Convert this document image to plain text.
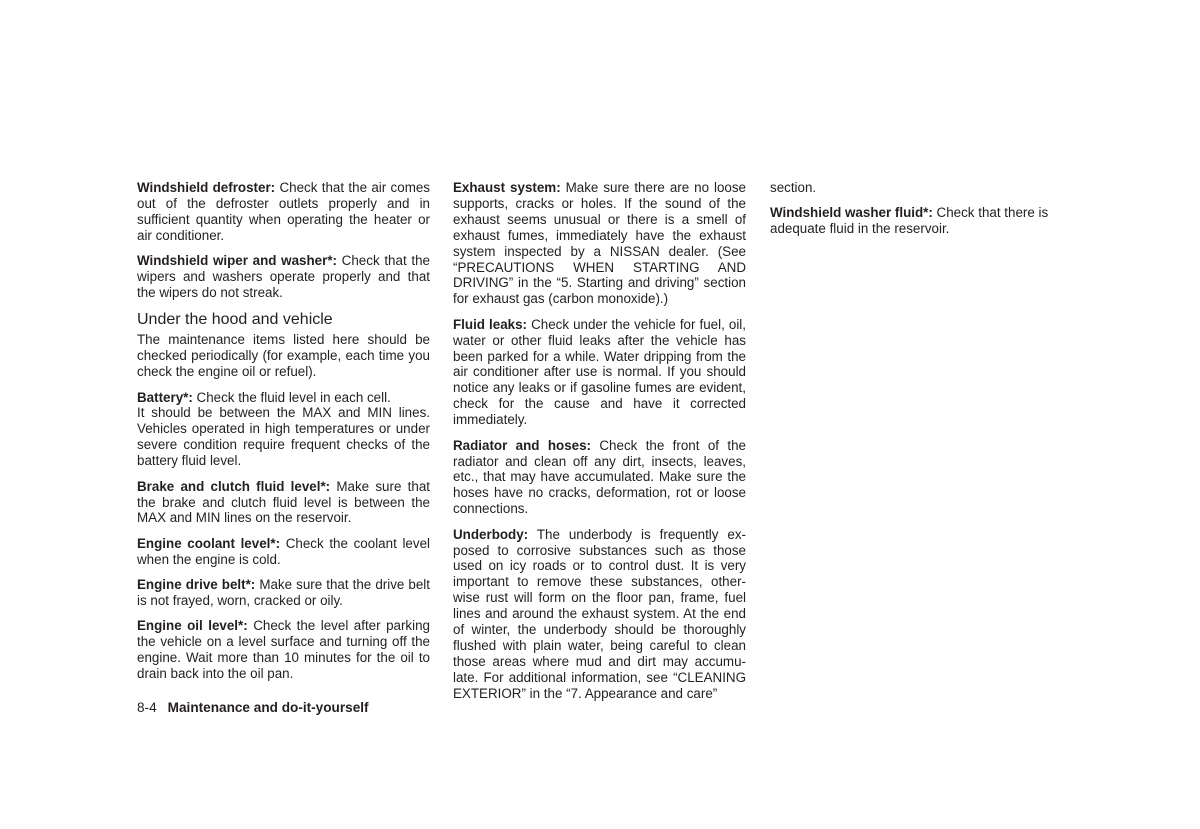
Windshield defroster: Check that the air comes out of the defroster outlets properly and in sufficient quantity when operating the heater or air conditioner.

Windshield wiper and washer*: Check that the wipers and washers operate properly and that the wipers do not streak.

Under the hood and vehicle

The maintenance items listed here should be checked periodically (for example, each time you check the engine oil or refuel).

Battery*: Check the fluid level in each cell.
It should be between the MAX and MIN lines. Vehicles operated in high temperatures or under severe condition require frequent checks of the battery fluid level.

Brake and clutch fluid level*: Make sure that the brake and clutch fluid level is between the MAX and MIN lines on the reservoir.

Engine coolant level*: Check the coolant level when the engine is cold.

Engine drive belt*: Make sure that the drive belt is not frayed, worn, cracked or oily.

Engine oil level*: Check the level after parking the vehicle on a level surface and turning off the engine. Wait more than 10 minutes for the oil to drain back into the oil pan.

Exhaust system: Make sure there are no loose supports, cracks or holes. If the sound of the exhaust seems unusual or there is a smell of exhaust fumes, immediately have the exhaust system inspected by a NISSAN dealer. (See “PRECAUTIONS WHEN STARTING AND DRIVING” in the “5. Starting and driving” section for exhaust gas (carbon monoxide).)

Fluid leaks: Check under the vehicle for fuel, oil, water or other fluid leaks after the vehicle has been parked for a while. Water dripping from the air conditioner after use is normal. If you should notice any leaks or if gasoline fumes are evident, check for the cause and have it corrected immediately.

Radiator and hoses: Check the front of the radiator and clean off any dirt, insects, leaves, etc., that may have accumulated. Make sure the hoses have no cracks, deformation, rot or loose connections.

Underbody: The underbody is frequently ex-posed to corrosive substances such as those used on icy roads or to control dust. It is very important to remove these substances, other-wise rust will form on the floor pan, frame, fuel lines and around the exhaust system. At the end of winter, the underbody should be thoroughly flushed with plain water, being careful to clean those areas where mud and dirt may accumu-late. For additional information, see “CLEANING EXTERIOR” in the “7. Appearance and care”

section.

Windshield washer fluid*: Check that there is adequate fluid in the reservoir.

8-4 Maintenance and do-it-yourself
